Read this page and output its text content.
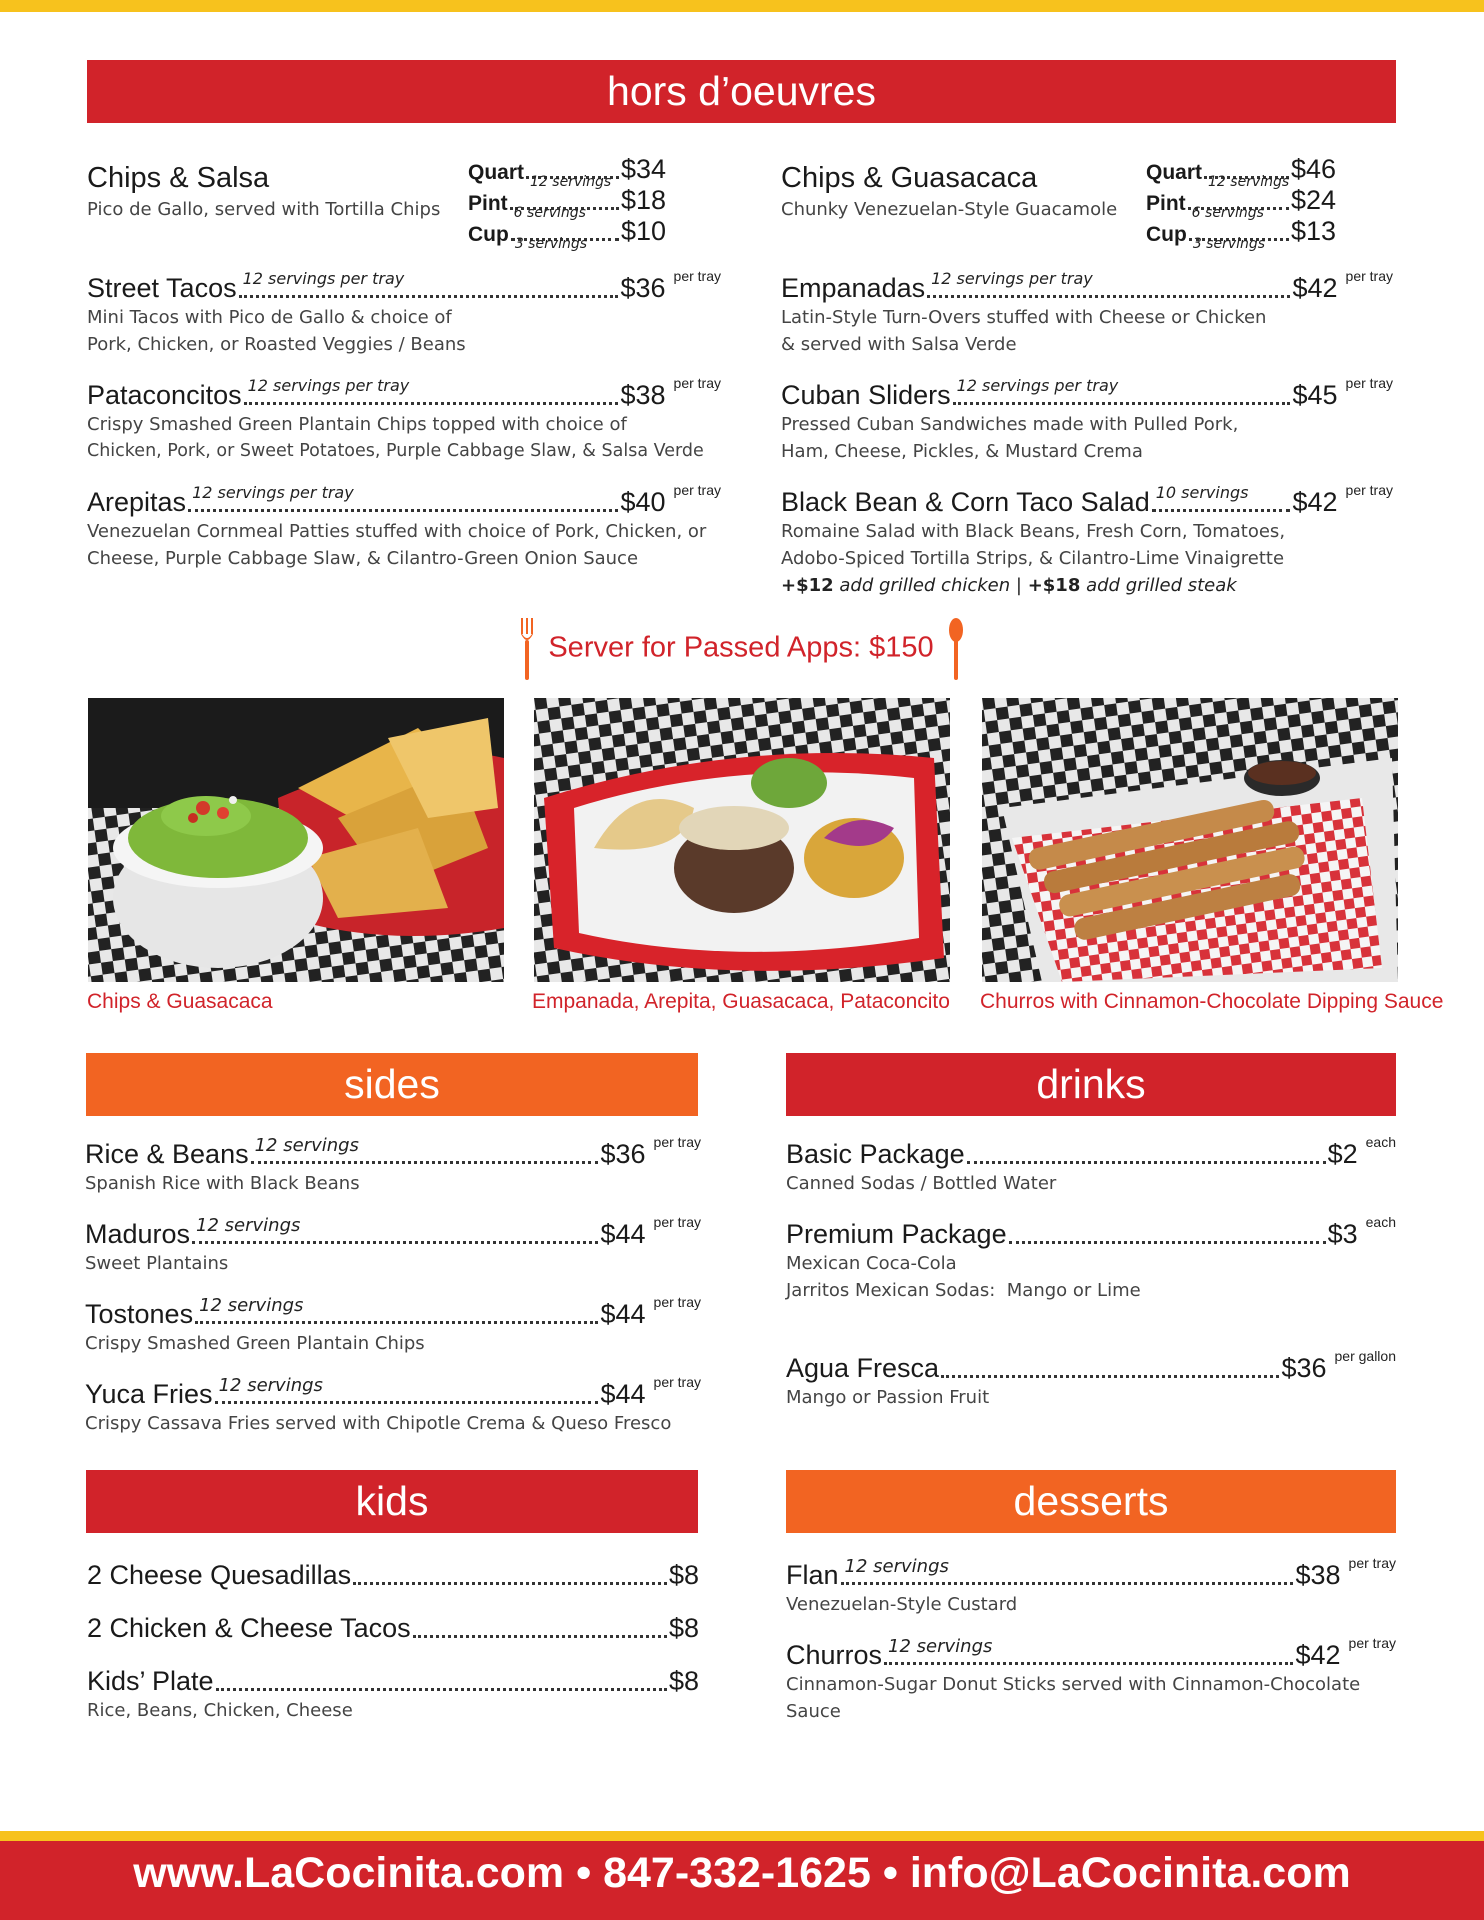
hors d’oeuvres
Chips & Salsa
Pico de Gallo, served with Tortilla Chips
Quart 12 servings $34
Pint 6 servings $18
Cup 3 servings $10
Chips & Guasacaca
Chunky Venezuelan-Style Guacamole
Quart 12 servings $46
Pint 6 servings $24
Cup 3 servings $13
Street Tacos 12 servings per tray	$36 per tray
Mini Tacos with Pico de Gallo & choice of
Pork, Chicken, or Roasted Veggies / Beans
Empanadas 12 servings per tray	$42 per tray
Latin-Style Turn-Overs stuffed with Cheese or Chicken
& served with Salsa Verde
Pataconcitos 12 servings per tray	$38 per tray
Crispy Smashed Green Plantain Chips topped with choice of
Chicken, Pork, or Sweet Potatoes, Purple Cabbage Slaw, & Salsa Verde
Cuban Sliders 12 servings per tray	$45 per tray
Pressed Cuban Sandwiches made with Pulled Pork,
Ham, Cheese, Pickles, & Mustard Crema
Arepitas 12 servings per tray	$40 per tray
Venezuelan Cornmeal Patties stuffed with choice of Pork, Chicken, or
Cheese, Purple Cabbage Slaw, & Cilantro-Green Onion Sauce
Black Bean & Corn Taco Salad 10 servings $42 per tray
Romaine Salad with Black Beans, Fresh Corn, Tomatoes,
Adobo-Spiced Tortilla Strips, & Cilantro-Lime Vinaigrette
+$12 add grilled chicken | +$18 add grilled steak
Server for Passed Apps: $150
Chips & Guasacaca	Empanada, Arepita, Guasacaca, Pataconcito Churros with Cinnamon-Chocolate Dipping Sauce
sides
Rice & Beans 12 servings	$36 per tray
Spanish Rice with Black Beans
Maduros 12 servings	$44 per tray
Sweet Plantains
Tostones 12 servings	$44 per tray
Crispy Smashed Green Plantain Chips
Yuca Fries 12 servings	$44 per tray
Crispy Cassava Fries served with Chipotle Crema & Queso Fresco
drinks
Basic Package	$2 each
Canned Sodas / Bottled Water
Premium Package	$3 each
Mexican Coca-Cola
Jarritos Mexican Sodas:  Mango or Lime
Agua Fresca	$36 per gallon
Mango or Passion Fruit
kids
2 Cheese Quesadillas	$8
2 Chicken & Cheese Tacos	$8
Kids’ Plate	$8
Rice, Beans, Chicken, Cheese
desserts
Flan 12 servings	$38 per tray
Venezuelan-Style Custard
Churros 12 servings	$42 per tray
Cinnamon-Sugar Donut Sticks served with Cinnamon-Chocolate Sauce
www.LaCocinita.com • 847-332-1625 • info@LaCocinita.com
